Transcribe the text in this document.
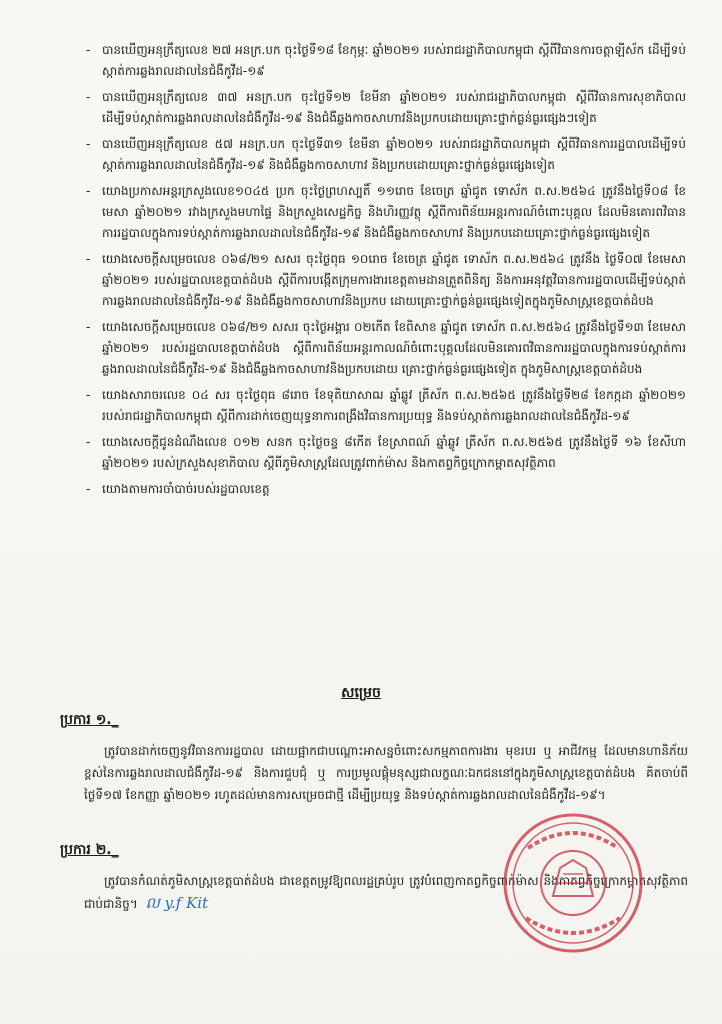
- បានឃើញអនុក្រឹត្យលេខ ២៧ អនក្រ.បក ចុះថ្ងៃទី១៨ ខែកុម្ភៈ ឆ្នាំ២០២១ របស់រាជរដ្ឋាភិបាលកម្ពុជា ស្តីពីវិធានការចត្តាឡីស័ក ដើម្បីទប់ស្កាត់ការឆ្លងរាលដាលនៃជំងឺកូវីដ-១៩
- បានឃើញអនុក្រឹត្យលេខ ៣៧ អនក្រ.បក ចុះថ្ងៃទី១២ ខែមីនា ឆ្នាំ២០២១ របស់រាជរដ្ឋាភិបាលកម្ពុជា ស្តីពីវិធានការសុខាភិបាល ដើម្បីទប់ស្កាត់ការឆ្លងរាលដាលនៃជំងឺកូវីដ-១៩ និងជំងឺឆ្លងកាចសាហាវនិងប្រកបដោយគ្រោះថ្នាក់ធ្ងន់ធ្ងរផ្សេងៗទៀត
- បានឃើញអនុក្រឹត្យលេខ ៥៧ អនក្រ.បក ចុះថ្ងៃទី៣១ ខែមីនា ឆ្នាំ២០២១ របស់រាជរដ្ឋាភិបាលកម្ពុជា ស្តីពីវិធានការរដ្ឋបាលដើម្បីទប់ស្កាត់ការឆ្លងរាលដាលនៃជំងឺកូវីដ-១៩ និងជំងឺឆ្លងកាចសាហាវ និងប្រកបដោយគ្រោះថ្នាក់ធ្ងន់ធ្ងរផ្សេងទៀត
- យោងប្រកាសអន្តរក្រសួងលេខ១០៤៥ ប្រក ចុះថ្ងៃព្រហស្បតិ៍ ១១រោច ខែចេត្រ ឆ្នាំជូត ទោស័ក ព.ស.២៥៦៤ ត្រូវនឹងថ្ងៃទី០៨ ខែមេសា ឆ្នាំ២០២១ រវាងក្រសួងមហាផ្ទៃ និងក្រសួងសេដ្ឋកិច្ច និងហិរញ្ញវត្ថុ ស្តីពីការពិន័យអន្តរការណ៍ចំពោះបុគ្គល ដែលមិនគោរពវិធានការរដ្ឋបាលក្នុងការទប់ស្កាត់ការឆ្លងរាលដាលនៃជំងឺកូវីដ-១៩ និងជំងឺឆ្លងកាចសាហាវ និងប្រកបដោយគ្រោះថ្នាក់ធ្ងន់ធ្ងរផ្សេងទៀត
- យោងសេចក្តីសម្រេចលេខ ០៦៨/២១ សសរ ចុះថ្ងៃពុធ ១០រោច ខែចេត្រ ឆ្នាំជូត ទោស័ក ព.ស.២៥៦៤ ត្រូវនឹង ថ្ងៃទី០៧ ខែមេសា ឆ្នាំ២០២១ របស់រដ្ឋបាលខេត្តបាត់ដំបង ស្តីពីការបង្កើតក្រុមការងារខេត្តតាមដានត្រួតពិនិត្យ និងការអនុវត្តវិធានការរដ្ឋបាលដើម្បីទប់ស្កាត់ការឆ្លងរាលដាលនៃជំងឺកូវីដ-១៩ និងជំងឺឆ្លងកាចសាហាវនិងប្រកប ដោយគ្រោះថ្នាក់ធ្ងន់ធ្ងរផ្សេងទៀតក្នុងភូមិសាស្ត្រខេត្តបាត់ដំបង
- យោងសេចក្តីសម្រេចលេខ ០៦៨/២១ សសរ ចុះថ្ងៃអង្គារ ០២កើត ខែពិសាខ ឆ្នាំជូត ទោស័ក ព.ស.២៥៦៤ ត្រូវនឹងថ្ងៃទី១៣ ខែមេសា ឆ្នាំ២០២១ របស់រដ្ឋបាលខេត្តបាត់ដំបង ស្តីពីការពិន័យអន្តរកាលណ៍ចំពោះបុគ្គលដែលមិនគោរពវិធានការរដ្ឋបាលក្នុងការទប់ស្កាត់ការឆ្លងរាលដាលនៃជំងឺកូវីដ-១៩ និងជំងឺឆ្លងកាចសាហាវនិងប្រកបដោយ គ្រោះថ្នាក់ធ្ងន់ធ្ងរផ្សេងទៀត ក្នុងភូមិសាស្ត្រខេត្តបាត់ដំបង
- យោងសារាចរលេខ ០៤ សរ ចុះថ្ងៃពុធ ៨រោច ខែទុតិយាសាឍ ឆ្នាំឆ្លូវ ត្រីស័ក ព.ស.២៥៦៥ ត្រូវនឹងថ្ងៃទី២៨ ខែកក្កដា ឆ្នាំ២០២១ របស់រាជរដ្ឋាភិបាលកម្ពុជា ស្តីពីការដាក់ចេញយុទ្ធនាការពង្រឹងវិធានការប្រយុទ្ធ និងទប់ស្កាត់ការឆ្លងរាលដាលនៃជំងឺកូវីដ-១៩
- យោងសេចក្តីជូនដំណឹងលេខ ០១២ សនក ចុះថ្ងៃចន្ទ ៨កើត ខែស្រាពណ៍ ឆ្នាំឆ្លូវ ត្រីស័ក ព.ស.២៥៦៥ ត្រូវនឹងថ្ងៃទី ១៦ ខែសីហា ឆ្នាំ២០២១ របស់ក្រសួងសុខាភិបាល ស្តីពីភូមិសាស្ត្រដែលត្រូវពាក់ម៉ាស និងកាតព្វកិច្ចក្រោកម្ពាតសុវត្ថិភាព
- យោងតាមការចាំបាច់របស់រដ្ឋបាលខេត្ត
សម្រេច
ប្រការ ១._
ត្រូវបានដាក់ចេញនូវវិធានការរដ្ឋបាល ដោយផ្អាកជាបណ្តោះអាសន្នចំពោះសកម្មភាពការងារ មុខរបរ ឬ អាជីវកម្ម ដែលមានហានិភ័យខ្ពស់នៃការឆ្លងរាលដាលជំងឺកូវីដ-១៩ និងការជួបជុំ ឬ ការប្រមូលផ្តុំមនុស្សជាលក្ខណៈឯកជននៅក្នុងភូមិសាស្ត្រខេត្តបាត់ដំបង គិតចាប់ពីថ្ងៃទី១៧ ខែកញ្ញា ឆ្នាំ២០២១ រហូតដល់មានការសម្រេចជាថ្មី ដើម្បីប្រយុទ្ធ និងទប់ស្កាត់ការឆ្លងរាលដាលនៃជំងឺកូវីដ-១៩។
ប្រការ ២._
ត្រូវបានកំណត់ភូមិសាស្ត្រខេត្តបាត់ដំបង ជាខេត្តតម្រូវឱ្យពលរដ្ឋគ្រប់រូប ត្រូវបំពេញកាតព្វកិច្ចពាក់ម៉ាស និងកាតព្វកិច្ចក្រោកម្ពាតសុវត្ថិភាពជាប់ជានិច្ច។ ល y.f Kit
